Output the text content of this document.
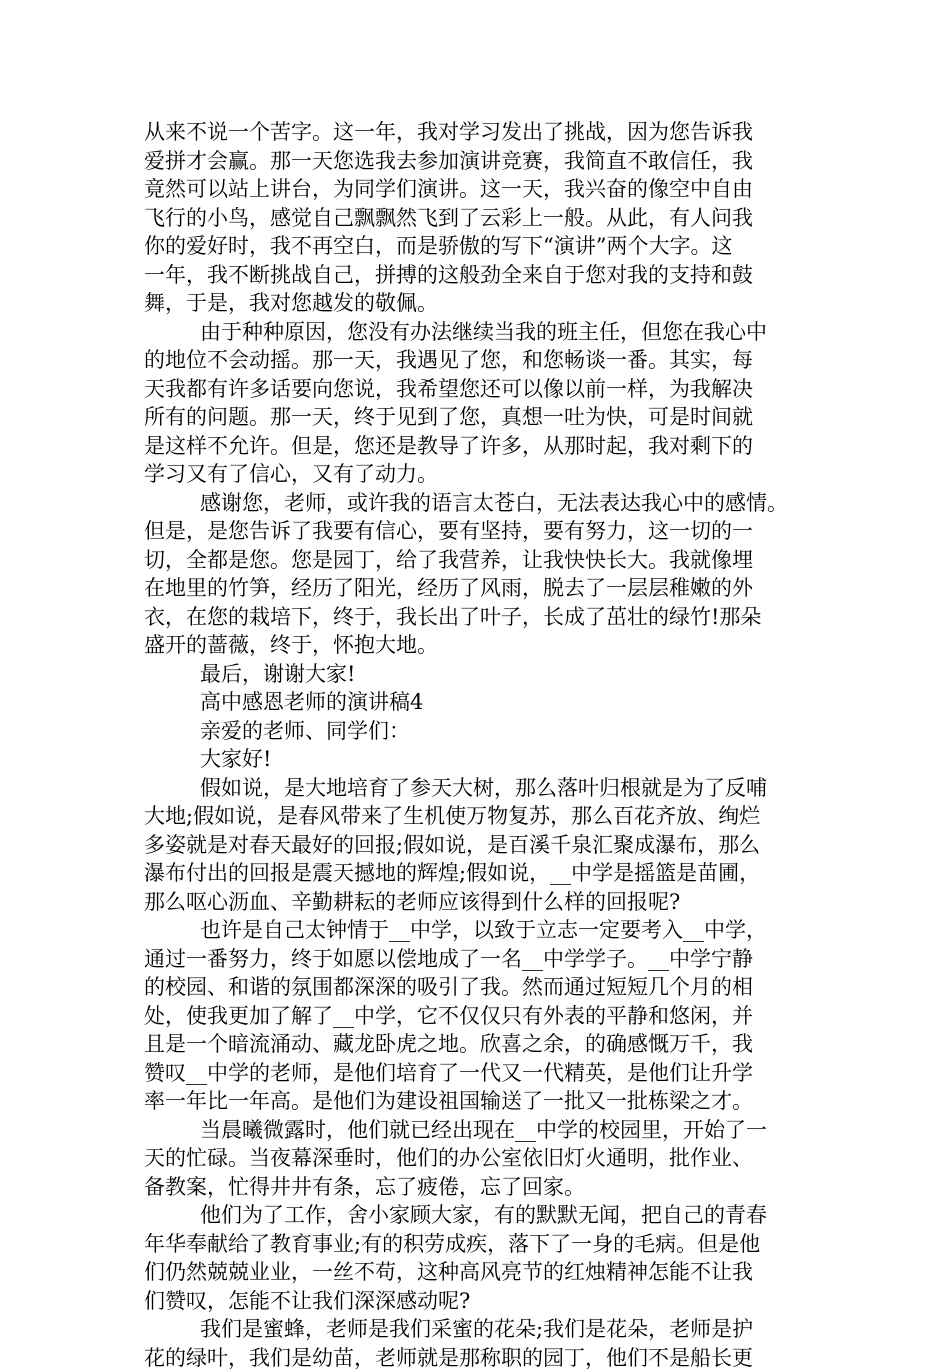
从来不说一个苦字。这一年，我对学习发出了挑战，因为您告诉我
爱拼才会赢。那一天您选我去参加演讲竞赛，我简直不敢信任，我
竟然可以站上讲台，为同学们演讲。这一天，我兴奋的像空中自由
飞行的小鸟，感觉自己飘飘然飞到了云彩上一般。从此，有人问我
你的爱好时，我不再空白，而是骄傲的写下“演讲”两个大字。这
一年，我不断挑战自己，拼搏的这般劲全来自于您对我的支持和鼓
舞，于是，我对您越发的敬佩。
由于种种原因，您没有办法继续当我的班主任，但您在我心中
的地位不会动摇。那一天，我遇见了您，和您畅谈一番。其实，每
天我都有许多话要向您说，我希望您还可以像以前一样，为我解决
所有的问题。那一天，终于见到了您，真想一吐为快，可是时间就
是这样不允许。但是，您还是教导了许多，从那时起，我对剩下的
学习又有了信心，又有了动力。
感谢您，老师，或许我的语言太苍白，无法表达我心中的感情。
但是，是您告诉了我要有信心，要有坚持，要有努力，这一切的一
切，全都是您。您是园丁，给了我营养，让我快快长大。我就像埋
在地里的竹笋，经历了阳光，经历了风雨，脱去了一层层稚嫩的外
衣，在您的栽培下，终于，我长出了叶子，长成了茁壮的绿竹!那朵
盛开的蔷薇，终于，怀抱大地。
最后，谢谢大家!
高中感恩老师的演讲稿4
亲爱的老师、同学们：
大家好!
假如说，是大地培育了参天大树，那么落叶归根就是为了反哺
大地;假如说，是春风带来了生机使万物复苏，那么百花齐放、绚烂
多姿就是对春天最好的回报;假如说，是百溪千泉汇聚成瀑布，那么
瀑布付出的回报是震天撼地的辉煌;假如说，__中学是摇篮是苗圃，
那么呕心沥血、辛勤耕耘的老师应该得到什么样的回报呢?
也许是自己太钟情于__中学，以致于立志一定要考入__中学，
通过一番努力，终于如愿以偿地成了一名__中学学子。__中学宁静
的校园、和谐的氛围都深深的吸引了我。然而通过短短几个月的相
处，使我更加了解了__中学，它不仅仅只有外表的平静和悠闲，并
且是一个暗流涌动、藏龙卧虎之地。欣喜之余，的确感慨万千，我
赞叹__中学的老师，是他们培育了一代又一代精英，是他们让升学
率一年比一年高。是他们为建设祖国输送了一批又一批栋梁之才。
当晨曦微露时，他们就已经出现在__中学的校园里，开始了一
天的忙碌。当夜幕深垂时，他们的办公室依旧灯火通明，批作业、
备教案，忙得井井有条，忘了疲倦，忘了回家。
他们为了工作，舍小家顾大家，有的默默无闻，把自己的青春
年华奉献给了教育事业;有的积劳成疾，落下了一身的毛病。但是他
们仍然兢兢业业，一丝不苟，这种高风亮节的红烛精神怎能不让我
们赞叹，怎能不让我们深深感动呢?
我们是蜜蜂，老师是我们采蜜的花朵;我们是花朵，老师是护
花的绿叶，我们是幼苗，老师就是那称职的园丁，他们不是船长更
